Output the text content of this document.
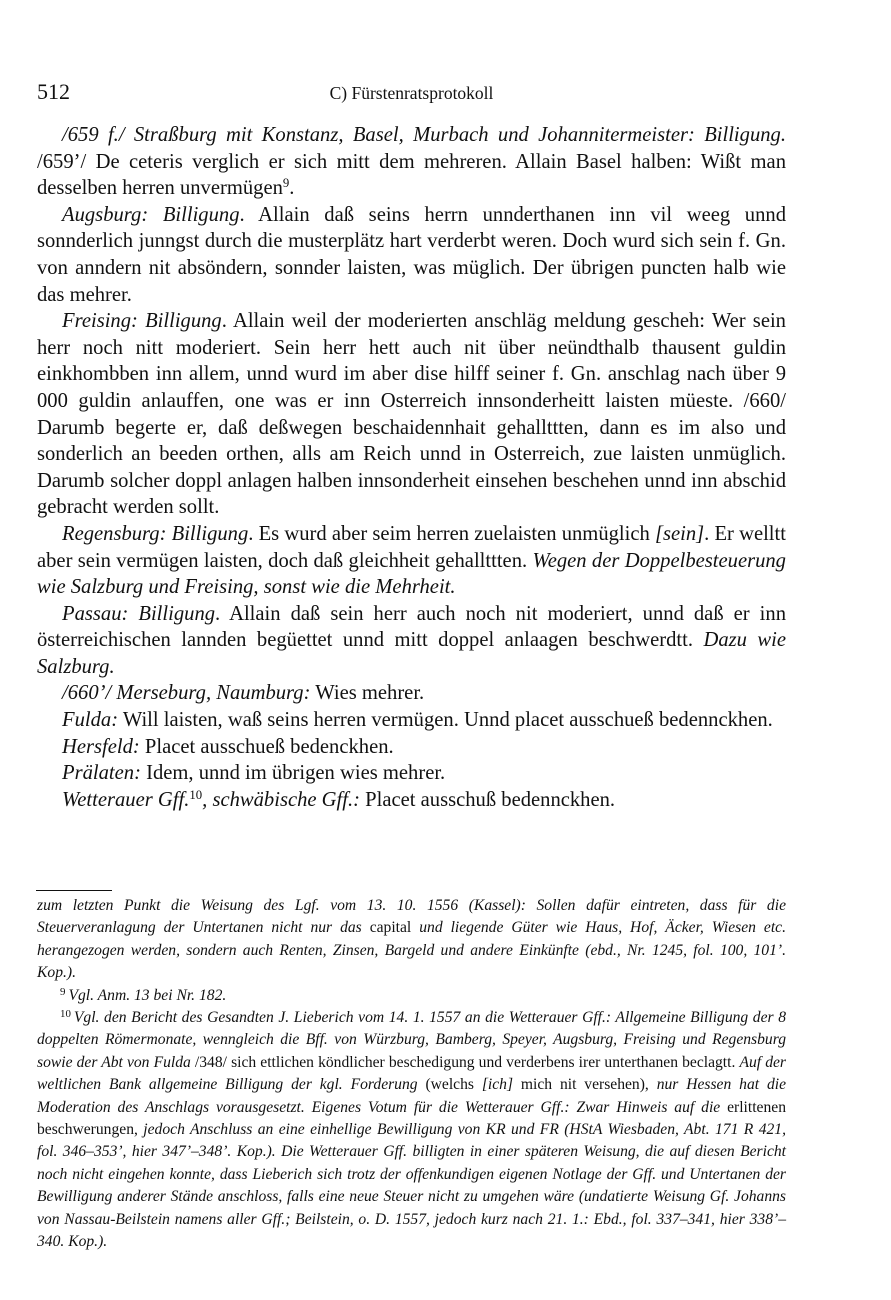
512	C) Fürstenratsprotokoll

/659 f./ Straßburg mit Konstanz, Basel, Murbach und Johannitermeister: Billigung. /659’/ De ceteris verglich er sich mitt dem mehreren. Allain Basel halben: Wißt man desselben herren unvermügen$^9$.

Augsburg: Billigung. Allain daß seins herrn unnderthanen inn vil weeg unnd sonnderlich junngst durch die musterplätz hart verderbt weren. Doch wurd sich sein f. Gn. von anndern nit absöndern, sonnder laisten, was müglich. Der übrigen puncten halb wie das mehrer.

Freising: Billigung. Allain weil der moderierten anschläg meldung gescheh: Wer sein herr noch nitt moderiert. Sein herr hett auch nit über neündthalb thausent guldin einkhombben inn allem, unnd wurd im aber dise hilff seiner f. Gn. anschlag nach über 9 000 guldin anlauffen, one was er inn Osterreich innsonderheitt laisten müeste. /660/ Darumb begerte er, daß deßwegen beschaidennhait gehallttten, dann es im also und sonderlich an beeden orthen, alls am Reich unnd in Osterreich, zue laisten unmüglich. Darumb solcher doppl anlagen halben innsonderheit einsehen beschehen unnd inn abschid gebracht werden sollt.

Regensburg: Billigung. Es wurd aber seim herren zuelaisten unmüglich [sein]. Er welltt aber sein vermügen laisten, doch daß gleichheit gehallttten. Wegen der Doppelbesteuerung wie Salzburg und Freising, sonst wie die Mehrheit.

Passau: Billigung. Allain daß sein herr auch noch nit moderiert, unnd daß er inn österreichischen lannden begüettet unnd mitt doppel anlaagen beschwerdtt. Dazu wie Salzburg.

/660’/ Merseburg, Naumburg: Wies mehrer.

Fulda: Will laisten, waß seins herren vermügen. Unnd placet ausschueß bedennckhen.

Hersfeld: Placet ausschueß bedenckhen.

Prälaten: Idem, unnd im übrigen wies mehrer.

Wetterauer Gff.$^{10}$, schwäbische Gff.: Placet ausschuß bedennckhen.

zum letzten Punkt die Weisung des Lgf. vom 13. 10. 1556 (Kassel): Sollen dafür eintreten, dass für die Steuerveranlagung der Untertanen nicht nur das capital und liegende Güter wie Haus, Hof, Äcker, Wiesen etc. herangezogen werden, sondern auch Renten, Zinsen, Bargeld und andere Einkünfte (ebd., Nr. 1245, fol. 100, 101’. Kop.).

$^9$ Vgl. Anm. 13 bei Nr. 182.

$^{10}$ Vgl. den Bericht des Gesandten J. Lieberich vom 14. 1. 1557 an die Wetterauer Gff.: Allgemeine Billigung der 8 doppelten Römermonate, wenngleich die Bff. von Würzburg, Bamberg, Speyer, Augsburg, Freising und Regensburg sowie der Abt von Fulda /348/ sich ettlichen köndlicher beschedigung und verderbens irer unterthanen beclagtt. Auf der weltlichen Bank allgemeine Billigung der kgl. Forderung (welchs [ich] mich nit versehen), nur Hessen hat die Moderation des Anschlags vorausgesetzt. Eigenes Votum für die Wetterauer Gff.: Zwar Hinweis auf die erlittenen beschwerungen, jedoch Anschluss an eine einhellige Bewilligung von KR und FR (HStA Wiesbaden, Abt. 171 R 421, fol. 346–353’, hier 347’–348’. Kop.). Die Wetterauer Gff. billigten in einer späteren Weisung, die auf diesen Bericht noch nicht eingehen konnte, dass Lieberich sich trotz der offenkundigen eigenen Notlage der Gff. und Untertanen der Bewilligung anderer Stände anschloss, falls eine neue Steuer nicht zu umgehen wäre (undatierte Weisung Gf. Johanns von Nassau-Beilstein namens aller Gff.; Beilstein, o. D. 1557, jedoch kurz nach 21. 1.: Ebd., fol. 337–341, hier 338’–340. Kop.).
